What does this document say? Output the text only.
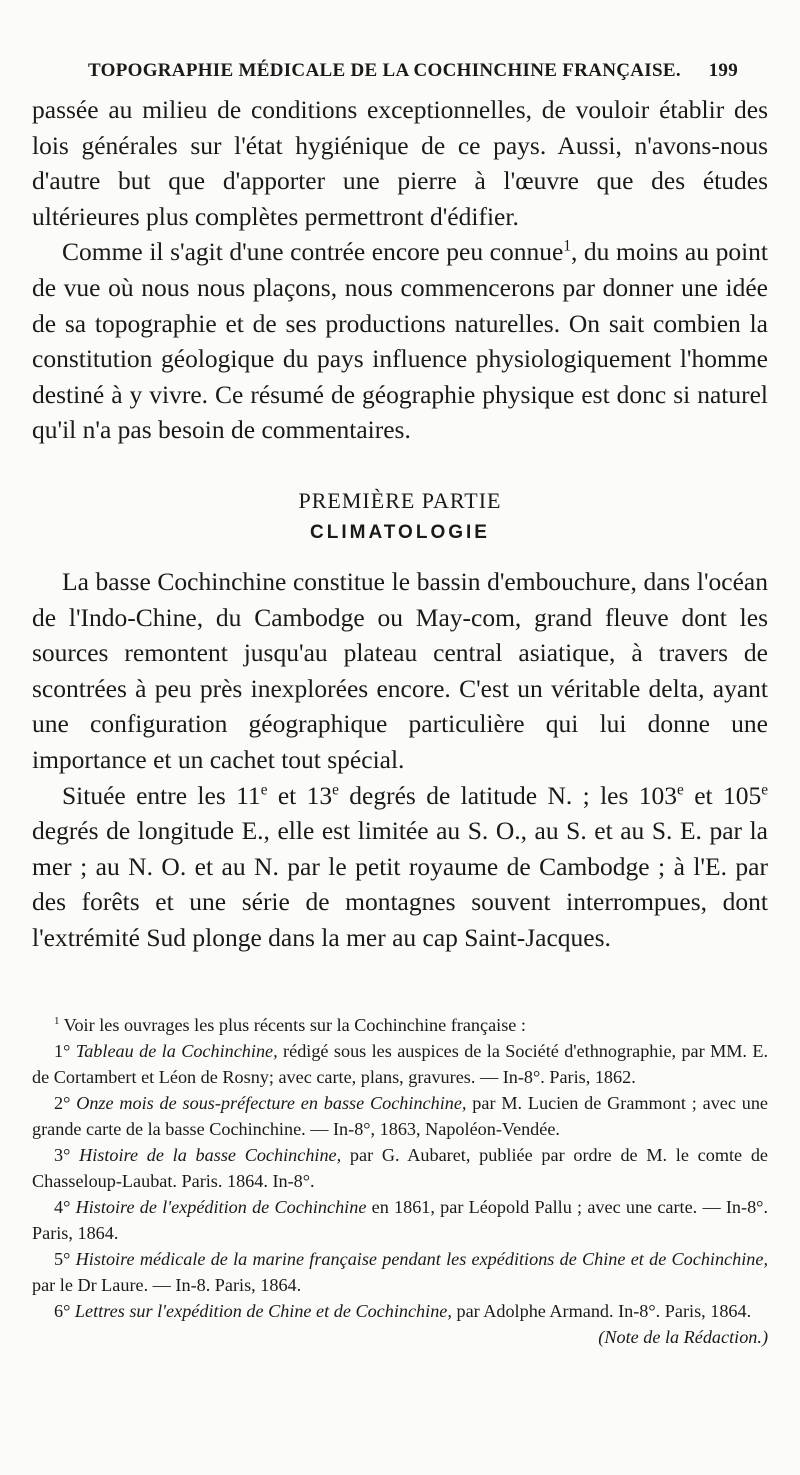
TOPOGRAPHIE MÉDICALE DE LA COCHINCHINE FRANÇAISE. 199

passée au milieu de conditions exceptionnelles, de vouloir établir des lois générales sur l'état hygiénique de ce pays. Aussi, n'avons-nous d'autre but que d'apporter une pierre à l'œuvre que des études ultérieures plus complètes permettront d'édifier.

Comme il s'agit d'une contrée encore peu connue$^1$, du moins au point de vue où nous nous plaçons, nous commencerons par donner une idée de sa topographie et de ses productions naturelles. On sait combien la constitution géologique du pays influence physiologiquement l'homme destiné à y vivre. Ce résumé de géographie physique est donc si naturel qu'il n'a pas besoin de commentaires.

PREMIÈRE PARTIE
CLIMATOLOGIE

La basse Cochinchine constitue le bassin d'embouchure, dans l'océan de l'Indo-Chine, du Cambodge ou May-com, grand fleuve dont les sources remontent jusqu'au plateau central asiatique, à travers de scontrées à peu près inexplorées encore. C'est un véritable delta, ayant une configuration géographique particulière qui lui donne une importance et un cachet tout spécial.

Située entre les 11e et 13e degrés de latitude N. ; les 103e et 105e degrés de longitude E., elle est limitée au S. O., au S. et au S. E. par la mer ; au N. O. et au N. par le petit royaume de Cambodge ; à l'E. par des forêts et une série de montagnes souvent interrompues, dont l'extrémité Sud plonge dans la mer au cap Saint-Jacques.

$^1$ Voir les ouvrages les plus récents sur la Cochinchine française :

1° Tableau de la Cochinchine, rédigé sous les auspices de la Société d'ethnographie, par MM. E. de Cortambert et Léon de Rosny; avec carte, plans, gravures. — In-8°. Paris, 1862.

2° Onze mois de sous-préfecture en basse Cochinchine, par M. Lucien de Grammont ; avec une grande carte de la basse Cochinchine. — In-8°, 1863, Napoléon-Vendée.

3° Histoire de la basse Cochinchine, par G. Aubaret, publiée par ordre de M. le comte de Chasseloup-Laubat. Paris. 1864. In-8°.

4° Histoire de l'expédition de Cochinchine en 1861, par Léopold Pallu ; avec une carte. — In-8°. Paris, 1864.

5° Histoire médicale de la marine française pendant les expéditions de Chine et de Cochinchine, par le Dr Laure. — In-8. Paris, 1864.

6° Lettres sur l'expédition de Chine et de Cochinchine, par Adolphe Armand. In-8°. Paris, 1864.
(Note de la Rédaction.)
